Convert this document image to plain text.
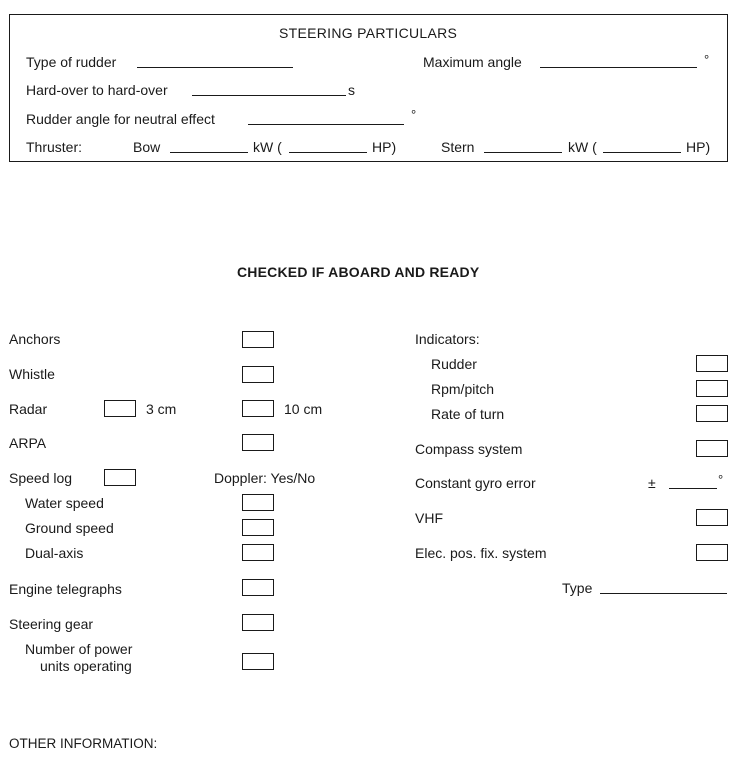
STEERING PARTICULARS
Type of rudder	Maximum angle	°
Hard-over to hard-over	s
Rudder angle for neutral effect	°
Thruster:	Bow	kW (	HP)	Stern	kW (	HP)
CHECKED IF ABOARD AND READY
Anchors
Whistle
Radar	3 cm	10 cm
ARPA
Speed log	Doppler: Yes/No
Water speed
Ground speed
Dual-axis
Engine telegraphs
Steering gear
Number of power
units operating
Indicators:
Rudder
Rpm/pitch
Rate of turn
Compass system
Constant gyro error	±	°
VHF
Elec. pos. fix. system
Type
OTHER INFORMATION:
